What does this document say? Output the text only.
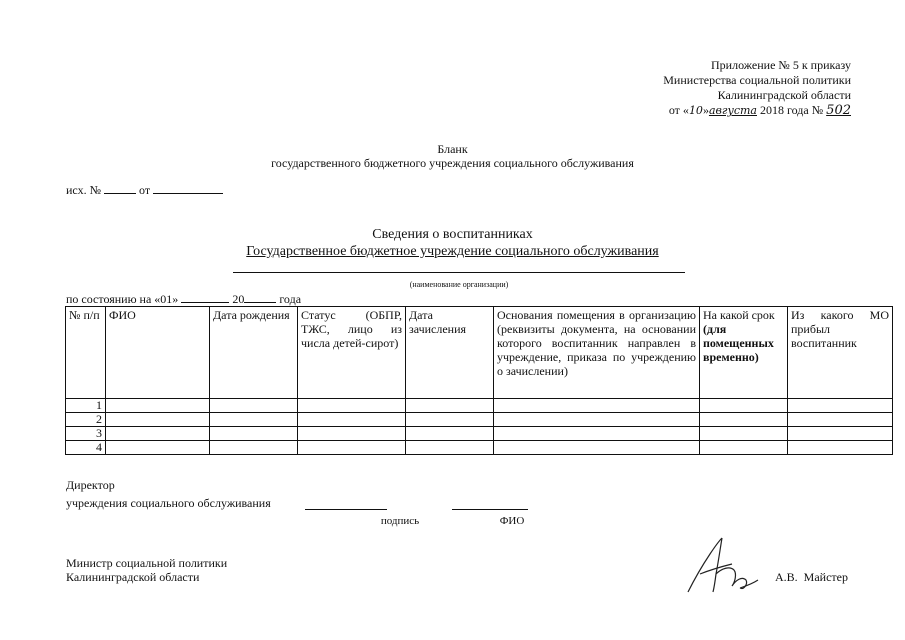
Приложение № 5 к приказу
Министерства социальной политики
Калининградской области
от «10»августа 2018 года № 502
Бланк
государственного бюджетного учреждения социального обслуживания
исх. №	от
Сведения о воспитанниках
Государственное бюджетное учреждение социального обслуживания
(наименование организации)
по состоянию на «01»	20	года
№ п/п	ФИО	Дата рождения	Статус (ОБПР, ТЖС, лицо из числа детей-сирот)	Дата зачисления	Основания помещения в организацию (реквизиты документа, на основании которого воспитанник направлен в учреждение, приказа по учреждению о зачислении)	На какой срок (для помещенных временно)	Из какого МО прибыл воспитанник
1							
2							
3							
4							
Директор
учреждения социального обслуживания
подпись	ФИО
Министр социальной политики
Калининградской области	А.В.  Майстер
